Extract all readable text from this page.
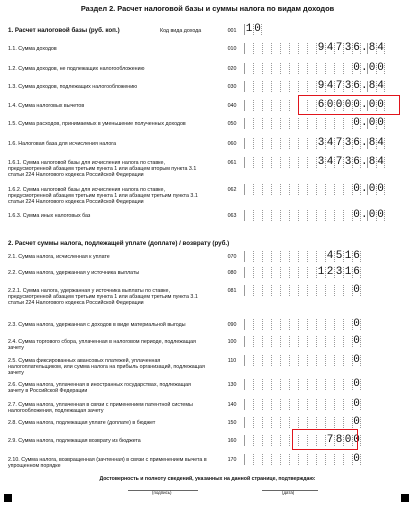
Раздел 2. Расчет налоговой базы и суммы налога по видам доходов
1. Расчет налоговой базы (руб. коп.)	Код вида дохода	001 1 0
1.1. Сумма доходов	010	9 4 7 3 6 . 8 4
1.2. Сумма доходов, не подлежащих налогообложению	020	0 . 0 0
1.3. Сумма доходов, подлежащих налогообложению	030	9 4 7 3 6 . 8 4
1.4. Сумма налоговых вычетов	040	6 0 0 0 0 . 0 0
1.5. Сумма расходов, принимаемых в уменьшение полученных доходов	050	0 . 0 0
1.6. Налоговая база для исчисления налога	060	3 4 7 3 6 . 8 4
1.6.1. Сумма налоговой базы для исчисления налога по ставке, предусмотренной абзацем третьим пункта 1 или абзацем вторым пункта 3.1 статьи 224 Налогового кодекса Российской Федерации
061	3 4 7 3 6 . 8 4
1.6.2. Сумма налоговой базы для исчисления налога по ставке, предусмотренной абзацем третьим пункта 1 или абзацем третьим пункта 3.1 статьи 224 Налогового кодекса Российской Федерации
062	0 . 0 0
1.6.3. Сумма иных налоговых баз	063	0 . 0 0
2. Расчет суммы налога, подлежащей уплате (доплате) / возврату (руб.)
2.1. Сумма налога, исчисленная к уплате	070	4 5 1 6
2.2. Сумма налога, удержанная у источника выплаты	080	1 2 3 1 6
2.2.1. Сумма налога, удержанная у источника выплаты по ставке, предусмотренной абзацем третьим пункта 1 или абзацем третьим пункта 3.1 статьи 224 Налогового кодекса Российской Федерации
081	0
2.3. Сумма налога, удержанная с доходов в виде материальной выгоды	090	0
2.4. Сумма торгового сбора, уплаченная в налоговом периоде, подлежащая зачету
100	0
2.5. Сумма фиксированных авансовых платежей, уплаченная налогоплательщиком, или сумма налога на прибыль организаций, подлежащая зачету
110	0
2.6. Сумма налога, уплаченная в иностранных государствах, подлежащая зачету в Российской Федерации
130	0
2.7. Сумма налога, уплаченная в связи с применением патентной системы налогообложения, подлежащая зачету
140	0
2.8. Сумма налога, подлежащая уплате (доплате) в бюджет	150	0
2.9. Сумма налога, подлежащая возврату из бюджета	160	7 8 0 0
2.10. Сумма налога, возвращенная (зачтенная) в связи с применением вычета в упрощенном порядке
170	0
Достоверность и полноту сведений, указанных на данной странице, подтверждаю:
(подпись)	(дата)
